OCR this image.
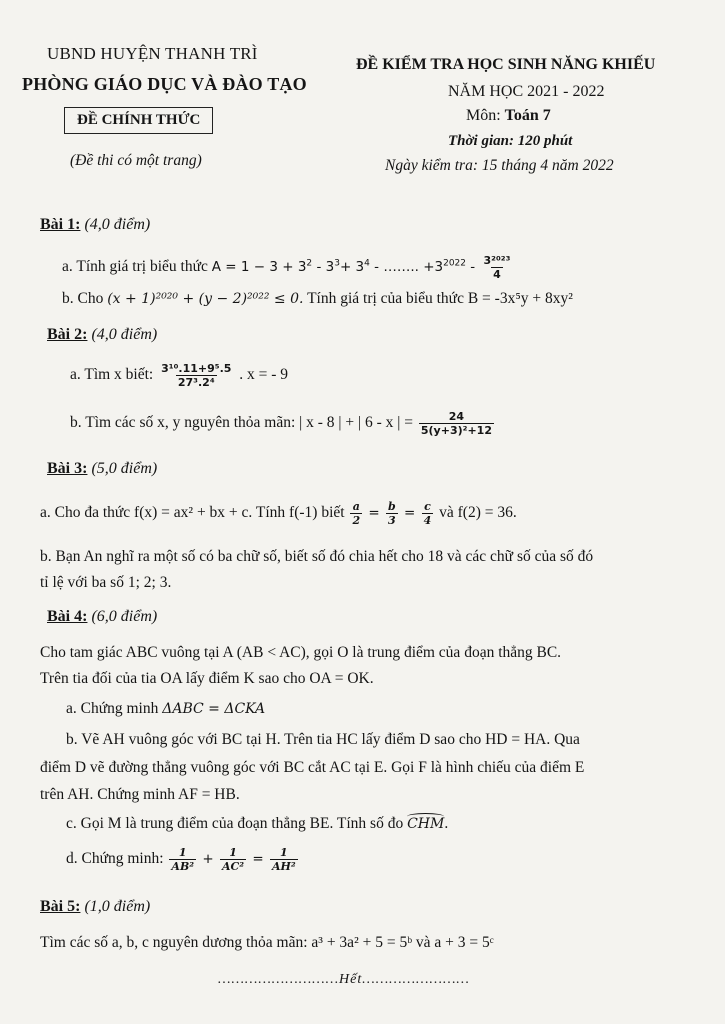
UBND HUYỆN THANH TRÌ
PHÒNG GIÁO DỤC VÀ ĐÀO TẠO
ĐỀ CHÍNH THỨC
(Đề thi có một trang)
ĐỀ KIỂM TRA HỌC SINH NĂNG KHIẾU
NĂM HỌC 2021 - 2022
Môn: Toán 7
Thời gian: 120 phút
Ngày kiểm tra: 15 tháng 4 năm 2022
Bài 1: (4,0 điểm)
a. Tính giá trị biểu thức $A = 1 - 3 + 3^2 - 3^3+ 3^4$ - …….. $+3^{2022} - \frac{\text{3²⁰²³}}{4}$
b. Cho (x + 1)²⁰²⁰ + (y − 2)²⁰²² ≤ 0. Tính giá trị của biểu thức B = -3x⁵y + 8xy²
Bài 2: (4,0 điểm)
a. Tìm x biết: $\frac{\text{3¹⁰.11+9⁵.5}}{\text{27³.2⁴}}$ . x = - 9
b. Tìm các số x, y nguyên thỏa mãn: | x - 8 | + | 6 - x | = $\frac{24}{\text{5(y+3)²+12}}$
Bài 3: (5,0 điểm)
a. Cho đa thức f(x) = ax² + bx + c. Tính f(-1) biết $\frac{a}{2} = \frac{b}{3} = \frac{c}{4}$ và f(2) = 36.
b. Bạn An nghĩ ra một số có ba chữ số, biết số đó chia hết cho 18 và các chữ số của số đó
tỉ lệ với ba số 1; 2; 3.
Bài 4: (6,0 điểm)
Cho tam giác ABC vuông tại A (AB < AC), gọi O là trung điểm của đoạn thẳng BC.
Trên tia đối của tia OA lấy điểm K sao cho OA = OK.
a. Chứng minh ΔABC = ΔCKA
b. Vẽ AH vuông góc với BC tại H. Trên tia HC lấy điểm D sao cho HD = HA. Qua
điểm D vẽ đường thẳng vuông góc với BC cắt AC tại E. Gọi F là hình chiếu của điểm E
trên AH. Chứng minh AF = HB.
c. Gọi M là trung điểm của đoạn thẳng BE. Tính số đo CHM.
d. Chứng minh: $\frac{1}{\text{AB²}} + \frac{1}{\text{AC²}} = \frac{1}{\text{AH²}}$
Bài 5: (1,0 điểm)
Tìm các số a, b, c nguyên dương thỏa mãn: a³ + 3a² + 5 = 5ᵇ và a + 3 = 5ᶜ
………………………Hết……………………
